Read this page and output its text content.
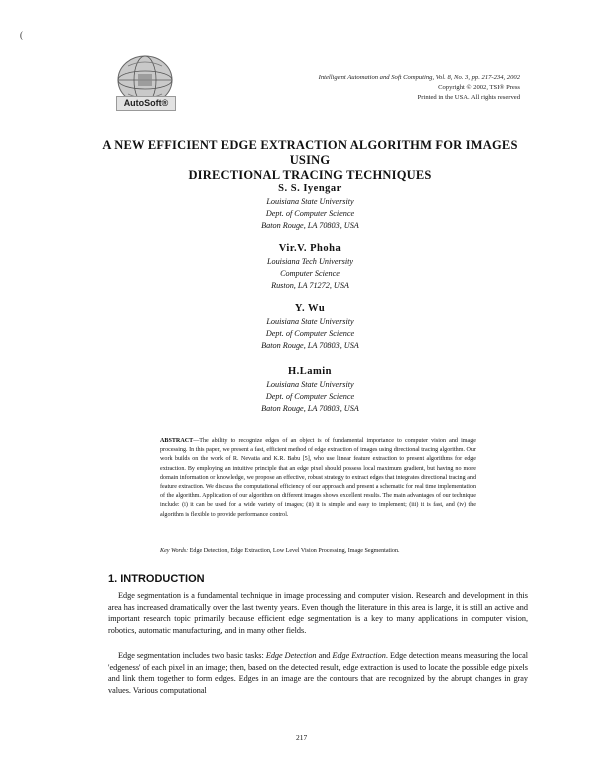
(
AutoSoft®
Intelligent Automation and Soft Computing, Vol. 8, No. 3, pp. 217-234, 2002
Copyright © 2002, TSI® Press
Printed in the USA. All rights reserved
A NEW EFFICIENT EDGE EXTRACTION ALGORITHM FOR IMAGES USING
DIRECTIONAL TRACING TECHNIQUES
S. S. Iyengar
Louisiana State University
Dept. of Computer Science
Baton Rouge, LA 70803, USA
Vir.V. Phoha
Louisiana Tech University
Computer Science
Ruston, LA 71272, USA
Y. Wu
Louisiana State University
Dept. of Computer Science
Baton Rouge, LA 70803, USA
H.Lamin
Louisiana State University
Dept. of Computer Science
Baton Rouge, LA 70803, USA
ABSTRACT—The ability to recognize edges of an object is of fundamental importance to computer vision and image processing. In this paper, we present a fast, efficient method of edge extraction of images using directional tracing algorithm. Our work builds on the work of R. Nevatia and K.R. Babu [5], who use linear feature extraction to present algorithms for edge extraction. By employing an intuitive principle that an edge pixel should possess local maximum gradient, but having no more domain information or knowledge, we propose an effective, robust strategy to extract edges that integrates directional tracing and feature extraction. We discuss the computational efficiency of our approach and present a schematic for real time implementation of the algorithm. Application of our algorithm on different images shows excellent results. The main advantages of our technique include: (i) it can be used for a wide variety of images; (ii) it is simple and easy to implement; (iii) it is fast, and (iv) the algorithm is flexible to provide performance control.
Key Words: Edge Detection, Edge Extraction, Low Level Vision Processing, Image Segmentation.
1. INTRODUCTION
Edge segmentation is a fundamental technique in image processing and computer vision. Research and development in this area has increased dramatically over the last twenty years. Even though the literature in this area is large, it is still an active and important research topic primarily because efficient edge segmentation is a key to many applications in computer vision, robotics, automatic manufacturing, and in many other fields.
Edge segmentation includes two basic tasks: Edge Detection and Edge Extraction. Edge detection means measuring the local 'edgeness' of each pixel in an image; then, based on the detected result, edge extraction is used to locate the possible edge pixels and link them together to form edges. Edges in an image are the contours that are recognized by the abrupt changes in gray values. Various computational
217
